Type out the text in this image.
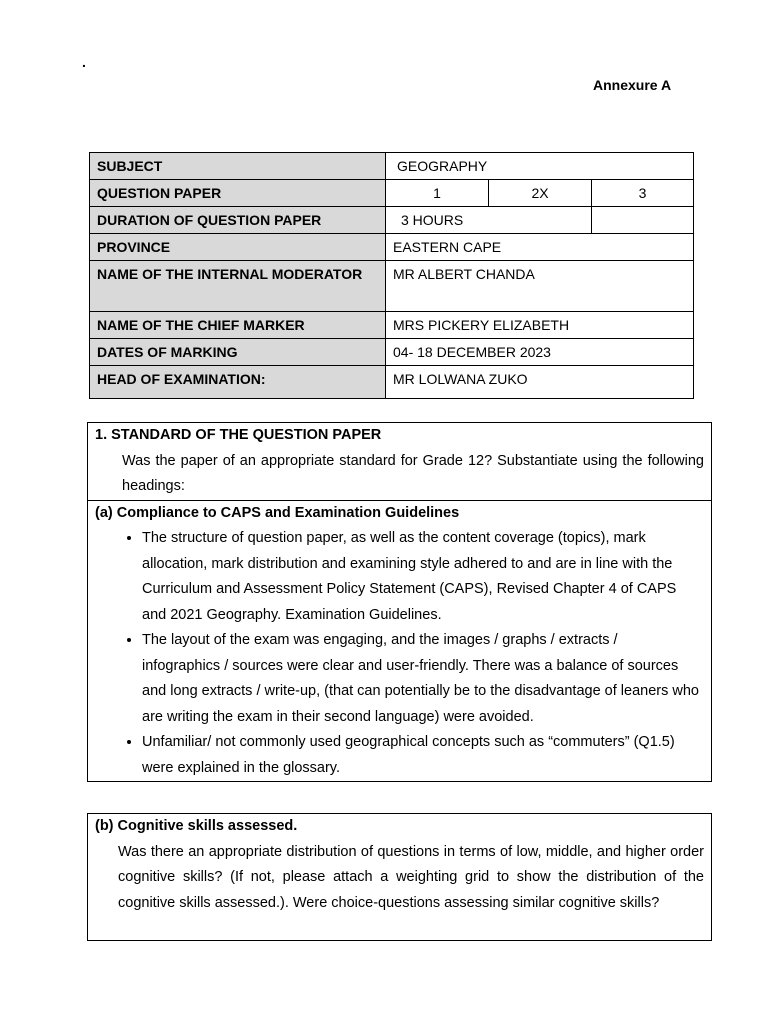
.
Annexure A
SUBJECT	GEOGRAPHY		
QUESTION PAPER	1	2X	3
DURATION OF QUESTION PAPER	3 HOURS		
PROVINCE	EASTERN CAPE		
NAME OF THE INTERNAL MODERATOR	MR ALBERT CHANDA		
NAME OF THE CHIEF MARKER	MRS PICKERY ELIZABETH		
DATES OF MARKING	04- 18 DECEMBER 2023		
HEAD OF EXAMINATION:	MR LOLWANA ZUKO		
1. STANDARD OF THE QUESTION PAPER
Was the paper of an appropriate standard for Grade 12? Substantiate using the following headings:
(a) Compliance to CAPS and Examination Guidelines
• The structure of question paper, as well as the content coverage (topics), mark allocation, mark distribution and examining style adhered to and are in line with the Curriculum and Assessment Policy Statement (CAPS), Revised Chapter 4 of CAPS and 2021 Geography. Examination Guidelines.
• The layout of the exam was engaging, and the images / graphs / extracts / infographics / sources were clear and user-friendly. There was a balance of sources and long extracts / write-up, (that can potentially be to the disadvantage of leaners who are writing the exam in their second language) were avoided.
• Unfamiliar/ not commonly used geographical concepts such as “commuters” (Q1.5) were explained in the glossary.
(b) Cognitive skills assessed.
Was there an appropriate distribution of questions in terms of low, middle, and higher order cognitive skills? (If not, please attach a weighting grid to show the distribution of the cognitive skills assessed.). Were choice-questions assessing similar cognitive skills?
